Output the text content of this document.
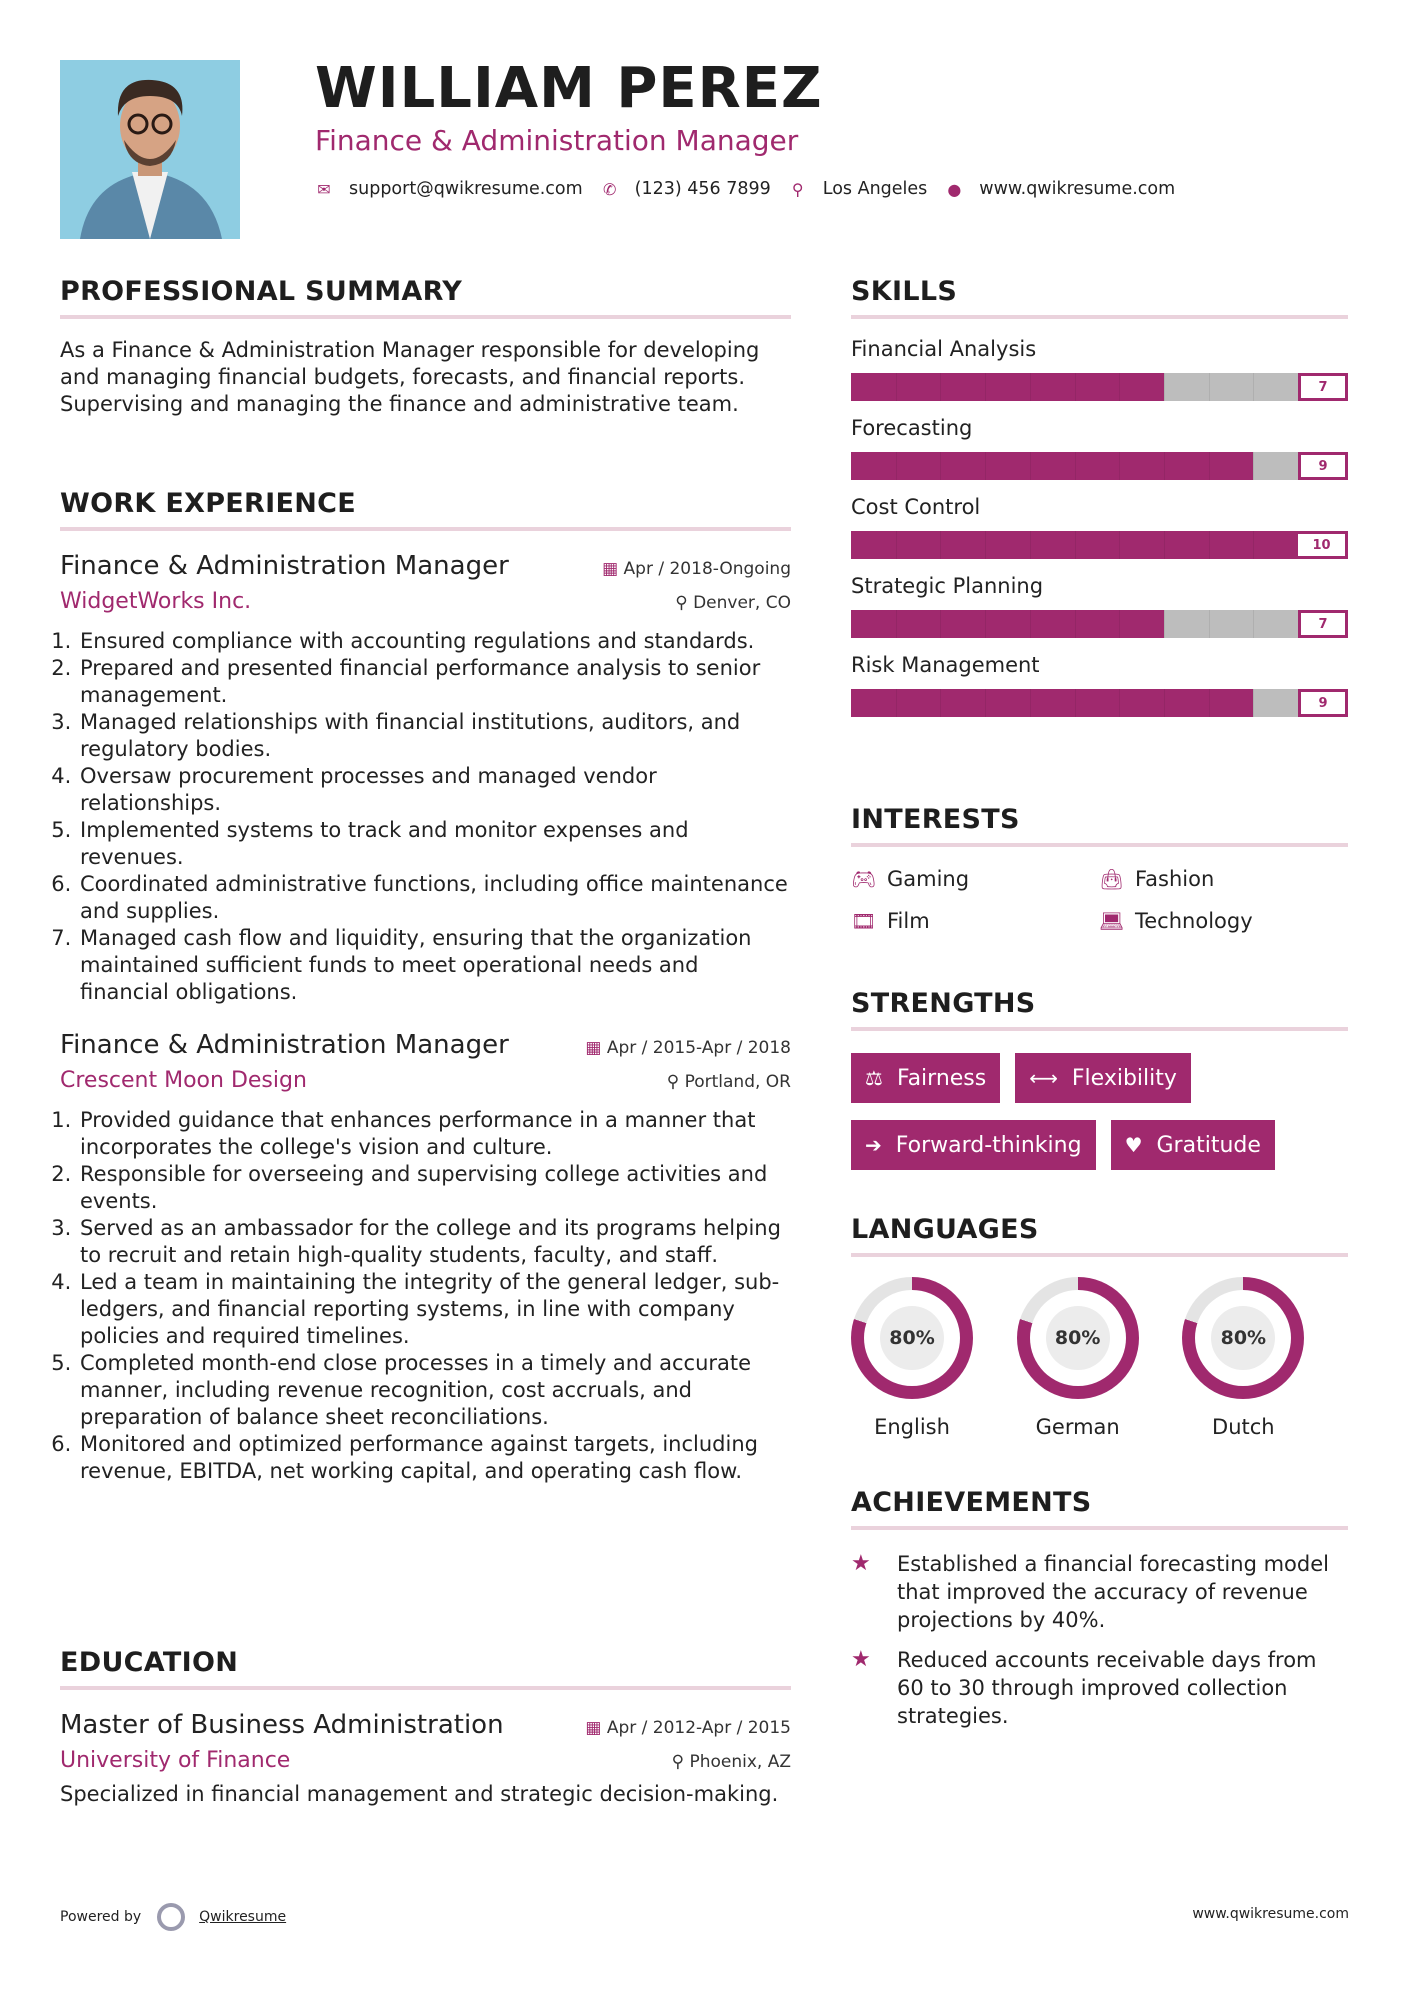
WILLIAM PEREZ
Finance & Administration Manager
✉ support@qwikresume.com ✆ (123) 456 7899 ⚲ Los Angeles ● www.qwikresume.com
PROFESSIONAL SUMMARY

As a Finance & Administration Manager responsible for developing and managing financial budgets, forecasts, and financial reports. Supervising and managing the finance and administrative team.

WORK EXPERIENCE
Finance & Administration Manager	▦ Apr / 2018-Ongoing
WidgetWorks Inc.	⚲ Denver, CO
1. Ensured compliance with accounting regulations and standards.
2. Prepared and presented financial performance analysis to senior management.
3. Managed relationships with financial institutions, auditors, and regulatory bodies.
4. Oversaw procurement processes and managed vendor relationships.
5. Implemented systems to track and monitor expenses and revenues.
6. Coordinated administrative functions, including office maintenance and supplies.
7. Managed cash flow and liquidity, ensuring that the organization maintained sufficient funds to meet operational needs and financial obligations.
Finance & Administration Manager	▦ Apr / 2015-Apr / 2018
Crescent Moon Design	⚲ Portland, OR
1. Provided guidance that enhances performance in a manner that incorporates the college's vision and culture.
2. Responsible for overseeing and supervising college activities and events.
3. Served as an ambassador for the college and its programs helping to recruit and retain high-quality students, faculty, and staff.
4. Led a team in maintaining the integrity of the general ledger, sub-ledgers, and financial reporting systems, in line with company policies and required timelines.
5. Completed month-end close processes in a timely and accurate manner, including revenue recognition, cost accruals, and preparation of balance sheet reconciliations.
6. Monitored and optimized performance against targets, including revenue, EBITDA, net working capital, and operating cash flow.
EDUCATION
Master of Business Administration	▦ Apr / 2012-Apr / 2015
University of Finance	⚲ Phoenix, AZ

Specialized in financial management and strategic decision-making.

SKILLS
Financial Analysis
7
Forecasting
9
Cost Control
10
Strategic Planning
7
Risk Management
9
INTERESTS
🎮︎ Gaming	👜︎ Fashion
🎞︎ Film	💻︎ Technology
STRENGTHS
⚖ Fairness ⟷ Flexibility
➔ Forward-thinking ♥ Gratitude
LANGUAGES
80%
English
80%
German
80%
Dutch
ACHIEVEMENTS
★	Established a financial forecasting model that improved the accuracy of revenue projections by 40%.
★	Reduced accounts receivable days from 60 to 30 through improved collection strategies.
Powered by	Qwikresume	www.qwikresume.com
